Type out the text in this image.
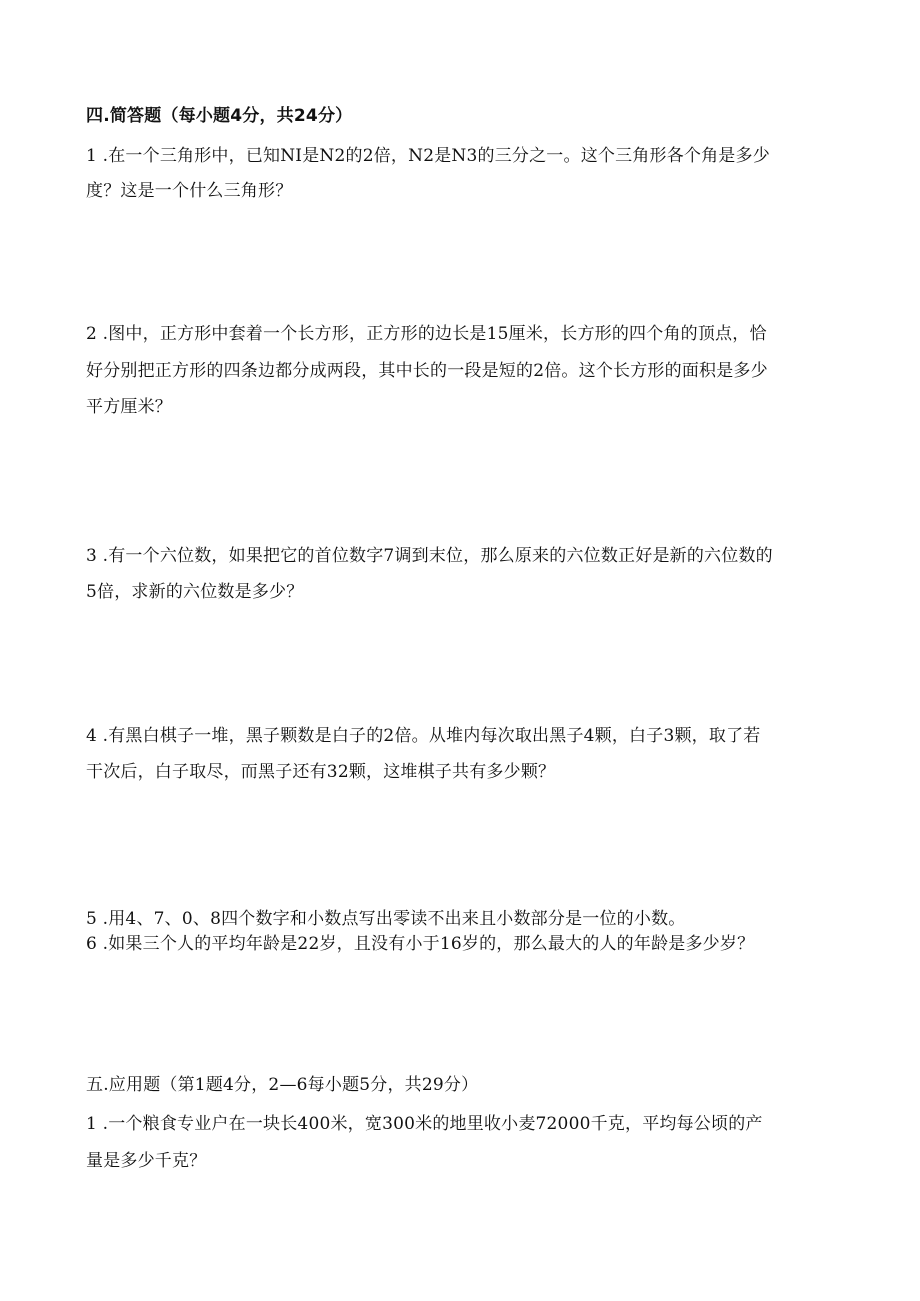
四.简答题（每小题4分，共24分）
1 .在一个三角形中，已知NI是N2的2倍，N2是N3的三分之一。这个三角形各个角是多少
度？这是一个什么三角形？
2 .图中，正方形中套着一个长方形，正方形的边长是15厘米，长方形的四个角的顶点，恰
好分别把正方形的四条边都分成两段，其中长的一段是短的2倍。这个长方形的面积是多少
平方厘米？
3 .有一个六位数，如果把它的首位数字7调到末位，那么原来的六位数正好是新的六位数的
5倍，求新的六位数是多少？
4 .有黑白棋子一堆，黑子颗数是白子的2倍。从堆内每次取出黑子4颗，白子3颗，取了若
干次后，白子取尽，而黑子还有32颗，这堆棋子共有多少颗？
5 .用4、7、0、8四个数字和小数点写出零读不出来且小数部分是一位的小数。
6 .如果三个人的平均年龄是22岁，且没有小于16岁的，那么最大的人的年龄是多少岁？
五.应用题（第1题4分，2—6每小题5分，共29分）
1 .一个粮食专业户在一块长400米，宽300米的地里收小麦72000千克，平均每公顷的产
量是多少千克？
